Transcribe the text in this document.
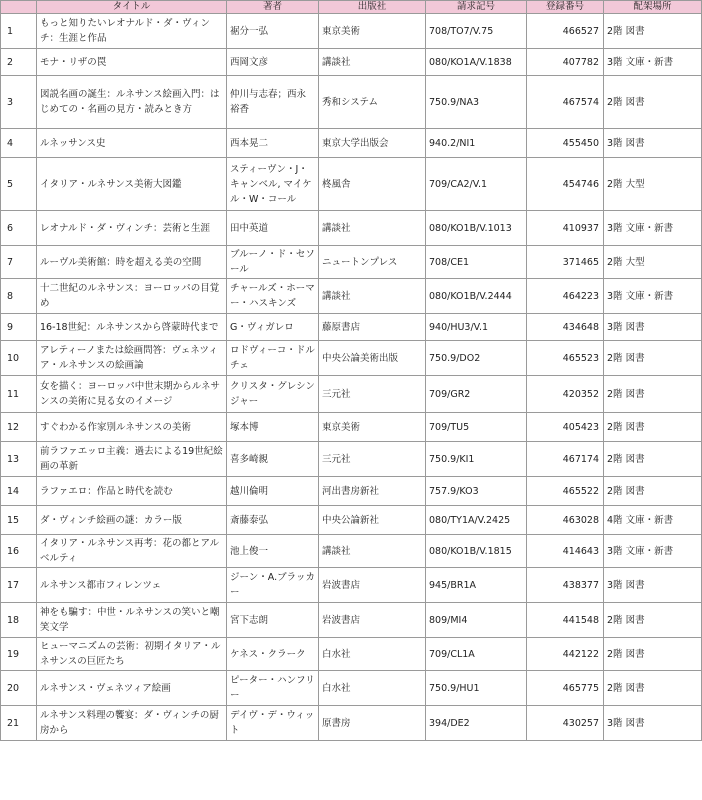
	タイトル	著者	出版社	請求記号	登録番号	配架場所
1	もっと知りたいレオナルド・ダ・ヴィンチ：生涯と作品	裾分一弘	東京美術	708/TO7/V.75	466527	2階 図書
2	モナ・リザの罠	西岡文彦	講談社	080/KO1A/V.1838	407782	3階 文庫・新書
3	図説名画の誕生：ルネサンス絵画入門：はじめての・名画の見方・読みとき方	仲川与志春；西永裕香	秀和システム	750.9/NA3	467574	2階 図書
4	ルネッサンス史	西本晃二	東京大学出版会	940.2/NI1	455450	3階 図書
5	イタリア・ルネサンス美術大図鑑	スティーヴン・J・キャンベル, マイケル・W・コール	柊風舎	709/CA2/V.1	454746	2階 大型
6	レオナルド・ダ・ヴィンチ：芸術と生涯	田中英道	講談社	080/KO1B/V.1013	410937	3階 文庫・新書
7	ルーヴル美術館：時を超える美の空間	ブルーノ・ド・セソール	ニュートンプレス	708/CE1	371465	2階 大型
8	十二世紀のルネサンス：ヨーロッパの目覚め	チャールズ・ホーマー・ハスキンズ	講談社	080/KO1B/V.2444	464223	3階 文庫・新書
9	16-18世紀：ルネサンスから啓蒙時代まで	G・ヴィガレロ	藤原書店	940/HU3/V.1	434648	3階 図書
10	アレティーノまたは絵画問答：ヴェネツィア・ルネサンスの絵画論	ロドヴィーコ・ドルチェ	中央公論美術出版	750.9/DO2	465523	2階 図書
11	女を描く：ヨーロッパ中世末期からルネサンスの美術に見る女のイメージ	クリスタ・グレシンジャー	三元社	709/GR2	420352	2階 図書
12	すぐわかる作家別ルネサンスの美術	塚本博	東京美術	709/TU5	405423	2階 図書
13	前ラファエッロ主義：過去による19世紀絵画の革新	喜多崎親	三元社	750.9/KI1	467174	2階 図書
14	ラファエロ：作品と時代を読む	越川倫明	河出書房新社	757.9/KO3	465522	2階 図書
15	ダ・ヴィンチ絵画の謎：カラー版	斎藤泰弘	中央公論新社	080/TY1A/V.2425	463028	4階 文庫・新書
16	イタリア・ルネサンス再考：花の都とアルベルティ	池上俊一	講談社	080/KO1B/V.1815	414643	3階 文庫・新書
17	ルネサンス都市フィレンツェ	ジーン・A.ブラッカー	岩波書店	945/BR1A	438377	3階 図書
18	神をも騙す：中世・ルネサンスの笑いと嘲笑文学	宮下志朗	岩波書店	809/MI4	441548	2階 図書
19	ヒューマニズムの芸術：初期イタリア・ルネサンスの巨匠たち	ケネス・クラーク	白水社	709/CL1A	442122	2階 図書
20	ルネサンス・ヴェネツィア絵画	ピーター・ハンフリー	白水社	750.9/HU1	465775	2階 図書
21	ルネサンス料理の饗宴：ダ・ヴィンチの厨房から	デイヴ・デ・ウィット	原書房	394/DE2	430257	3階 図書
